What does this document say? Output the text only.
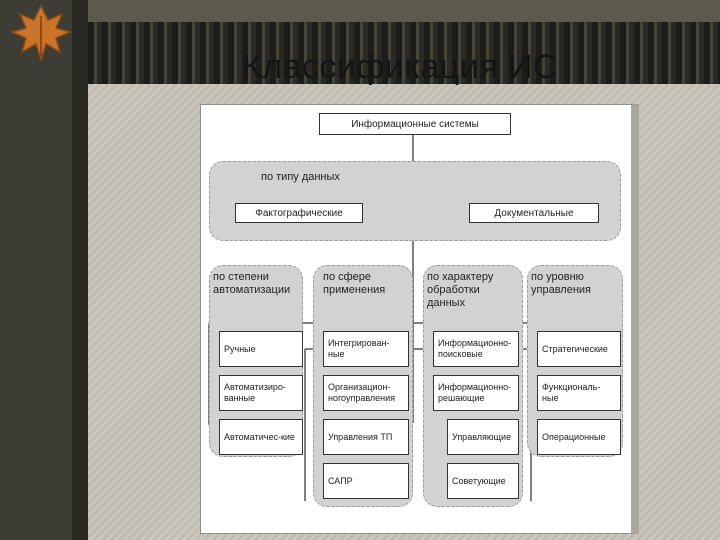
Классификация ИС
по типу данных
по степени автоматизации
по сфере применения
по характеру обработки данных
по уровню управления
Информационные системы
Фактографические	Документальные
Ручные
Автоматизиро-ванные
Автоматичес-кие
Интегрирован-ные
Организацион-ногоуправления
Управления ТП
САПР
Информационно-поисковые
Информационно-решающие
Управляющие
Советующие
Стратегические
Функциональ-ные
Операционные
